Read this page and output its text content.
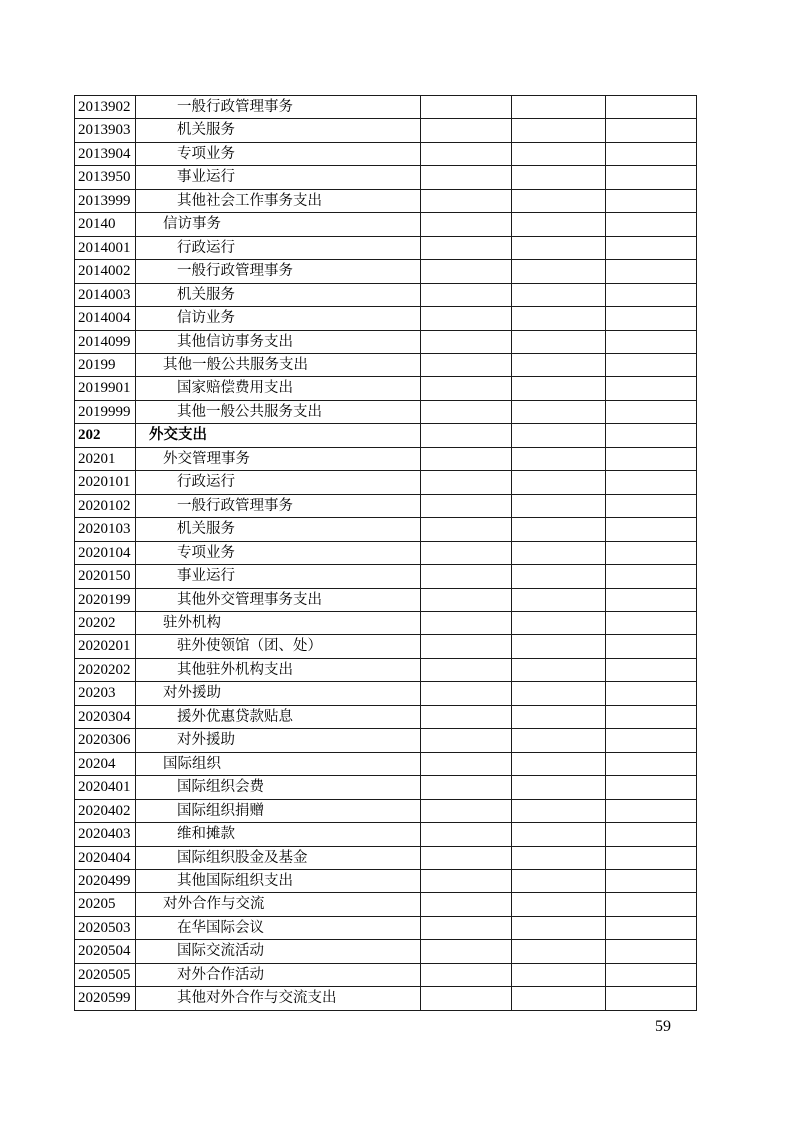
2013902	一般行政管理事务			
2013903	机关服务			
2013904	专项业务			
2013950	事业运行			
2013999	其他社会工作事务支出			
20140	信访事务			
2014001	行政运行			
2014002	一般行政管理事务			
2014003	机关服务			
2014004	信访业务			
2014099	其他信访事务支出			
20199	其他一般公共服务支出			
2019901	国家赔偿费用支出			
2019999	其他一般公共服务支出			
202	外交支出			
20201	外交管理事务			
2020101	行政运行			
2020102	一般行政管理事务			
2020103	机关服务			
2020104	专项业务			
2020150	事业运行			
2020199	其他外交管理事务支出			
20202	驻外机构			
2020201	驻外使领馆（团、处）			
2020202	其他驻外机构支出			
20203	对外援助			
2020304	援外优惠贷款贴息			
2020306	对外援助			
20204	国际组织			
2020401	国际组织会费			
2020402	国际组织捐赠			
2020403	维和摊款			
2020404	国际组织股金及基金			
2020499	其他国际组织支出			
20205	对外合作与交流			
2020503	在华国际会议			
2020504	国际交流活动			
2020505	对外合作活动			
2020599	其他对外合作与交流支出			
59
